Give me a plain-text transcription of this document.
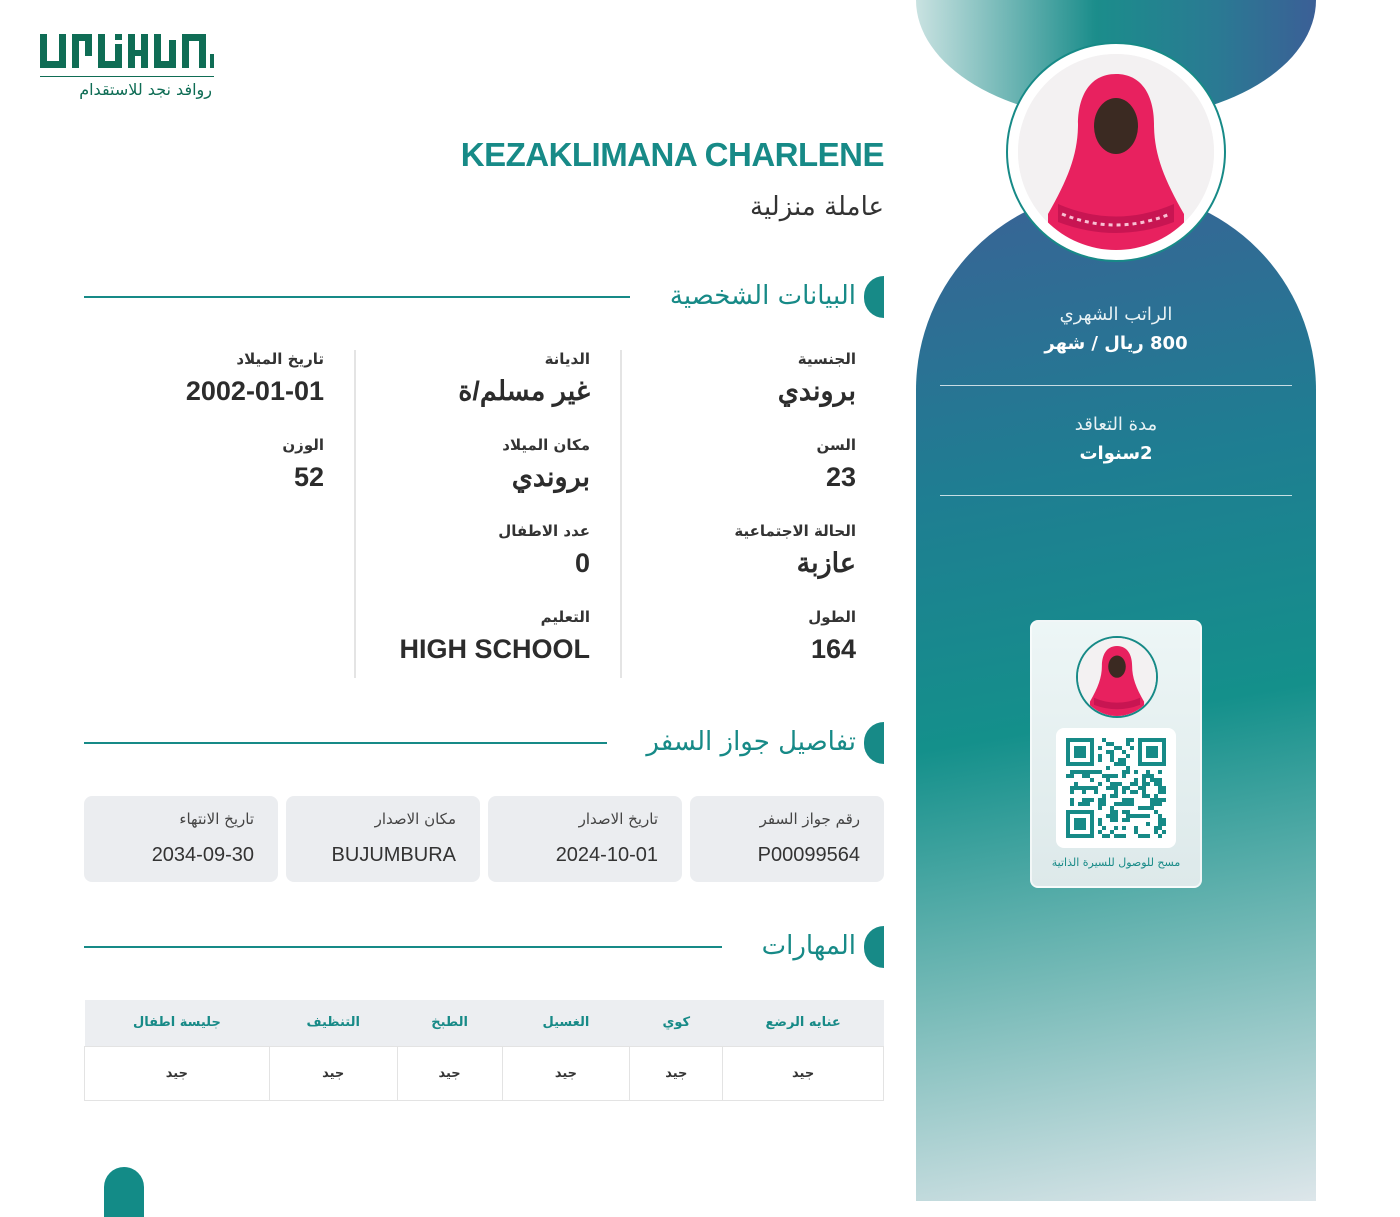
روافد نجد للاستقدام
KEZAKLIMANA CHARLENE
عاملة منزلية
البيانات الشخصية
الجنسية
بروندي
السن
23
الحالة الاجتماعية
عازبة
الطول
164
الديانة
غير مسلم/ة
مكان الميلاد
بروندي
عدد الاطفال
0
التعليم
HIGH SCHOOL
تاريخ الميلاد
2002-01-01
الوزن
52
تفاصيل جواز السفر
رقم جواز السفر
P00099564
تاريخ الاصدار
2024-10-01
مكان الاصدار
BUJUMBURA
تاريخ الانتهاء
2034-09-30
المهارات
عنايه الرضع	كوي	الغسيل	الطبخ	التنظيف	جليسة اطفال
جيد	جيد	جيد	جيد	جيد	جيد
الراتب الشهري
800 ريال / شهر
مدة التعاقد
2سنوات
مسح للوصول للسيرة الذاتية
